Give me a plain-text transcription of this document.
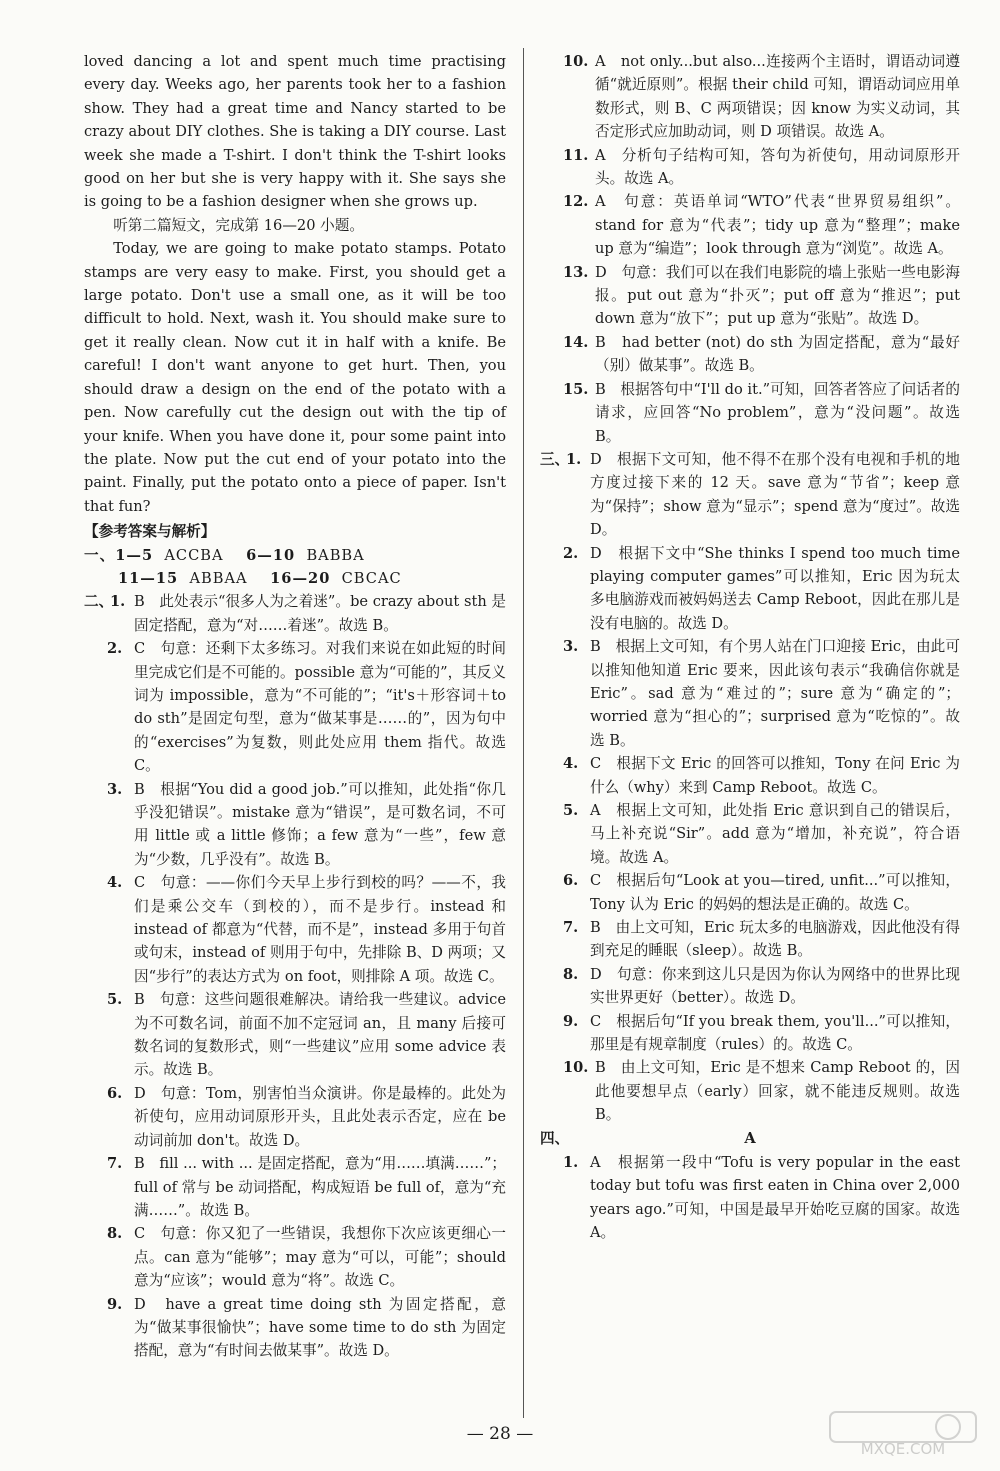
loved dancing a lot and spent much time practising every day. Weeks ago, her parents took her to a fashion show. They had a great time and Nancy started to be crazy about DIY clothes. She is taking a DIY course. Last week she made a T-shirt. I don't think the T-shirt looks good on her but she is very happy with it. She says she is going to be a fashion designer when she grows up.

听第二篇短文，完成第 16—20 小题。

Today, we are going to make potato stamps. Potato stamps are very easy to make. First, you should get a large potato. Don't use a small one, as it will be too difficult to hold. Next, wash it. You should make sure to get it really clean. Now cut it in half with a knife. Be careful! I don't want anyone to get hurt. Then, you should draw a design on the end of the potato with a pen. Now carefully cut the design out with the tip of your knife. When you have done it, pour some paint into the plate. Now put the cut end of your potato into the paint. Finally, put the potato onto a piece of paper. Isn't that fun?

【参考答案与解析】

一、1—5 ACCBA 6—10 BABBA
11—15 ABBAA 16—20 CBCAC
二、
1. B　此处表示“很多人为之着迷”。be crazy about sth 是固定搭配，意为“对……着迷”。故选 B。
2. C　句意：还剩下太多练习。对我们来说在如此短的时间里完成它们是不可能的。possible 意为“可能的”，其反义词为 impossible，意为“不可能的”；“it's＋形容词＋to do sth”是固定句型，意为“做某事是……的”，因为句中的“exercises”为复数，则此处应用 them 指代。故选 C。
3. B　根据“You did a good job.”可以推知，此处指“你几乎没犯错误”。mistake 意为“错误”，是可数名词，不可用 little 或 a little 修饰；a few 意为“一些”，few 意为“少数，几乎没有”。故选 B。
4. C　句意：——你们今天早上步行到校的吗？——不，我们是乘公交车（到校的），而不是步行。instead 和 instead of 都意为“代替，而不是”，instead 多用于句首或句末，instead of 则用于句中，先排除 B、D 两项；又因“步行”的表达方式为 on foot，则排除 A 项。故选 C。
5. B　句意：这些问题很难解决。请给我一些建议。advice 为不可数名词，前面不加不定冠词 an，且 many 后接可数名词的复数形式，则“一些建议”应用 some advice 表示。故选 B。
6. D　句意：Tom，别害怕当众演讲。你是最棒的。此处为祈使句，应用动词原形开头，且此处表示否定，应在 be 动词前加 don't。故选 D。
7. B　fill ... with ... 是固定搭配，意为“用……填满……”；full of 常与 be 动词搭配，构成短语 be full of，意为“充满……”。故选 B。
8. C　句意：你又犯了一些错误，我想你下次应该更细心一点。can 意为“能够”；may 意为“可以，可能”；should 意为“应该”；would 意为“将”。故选 C。
9. D　have a great time doing sth 为固定搭配，意为“做某事很愉快”；have some time to do sth 为固定搭配，意为“有时间去做某事”。故选 D。
10. A　not only...but also...连接两个主语时，谓语动词遵循“就近原则”。根据 their child 可知，谓语动词应用单数形式，则 B、C 两项错误；因 know 为实义动词，其否定形式应加助动词，则 D 项错误。故选 A。
11. A　分析句子结构可知，答句为祈使句，用动词原形开头。故选 A。
12. A　句意：英语单词“WTO”代表“世界贸易组织”。stand for 意为“代表”；tidy up 意为“整理”；make up 意为“编造”；look through 意为“浏览”。故选 A。
13. D　句意：我们可以在我们电影院的墙上张贴一些电影海报。put out 意为“扑灭”；put off 意为“推迟”；put down 意为“放下”；put up 意为“张贴”。故选 D。
14. B　had better (not) do sth 为固定搭配，意为“最好（别）做某事”。故选 B。
15. B　根据答句中“I'll do it.”可知，回答者答应了问话者的请求，应回答“No problem”，意为“没问题”。故选 B。
三、
1. D　根据下文可知，他不得不在那个没有电视和手机的地方度过接下来的 12 天。save 意为“节省”；keep 意为“保持”；show 意为“显示”；spend 意为“度过”。故选 D。
2. D　根据下文中“She thinks I spend too much time playing computer games”可以推知，Eric 因为玩太多电脑游戏而被妈妈送去 Camp Reboot，因此在那儿是没有电脑的。故选 D。
3. B　根据上文可知，有个男人站在门口迎接 Eric，由此可以推知他知道 Eric 要来，因此该句表示“我确信你就是 Eric”。sad 意为“难过的”；sure 意为“确定的”；worried 意为“担心的”；surprised 意为“吃惊的”。故选 B。
4. C　根据下文 Eric 的回答可以推知，Tony 在问 Eric 为什么（why）来到 Camp Reboot。故选 C。
5. A　根据上文可知，此处指 Eric 意识到自己的错误后，马上补充说“Sir”。add 意为“增加，补充说”，符合语境。故选 A。
6. C　根据后句“Look at you—tired, unfit...”可以推知，Tony 认为 Eric 的妈妈的想法是正确的。故选 C。
7. B　由上文可知，Eric 玩太多的电脑游戏，因此他没有得到充足的睡眠（sleep）。故选 B。
8. D　句意：你来到这儿只是因为你认为网络中的世界比现实世界更好（better）。故选 D。
9. C　根据后句“If you break them, you'll...”可以推知，那里是有规章制度（rules）的。故选 C。
10. B　由上文可知，Eric 是不想来 Camp Reboot 的，因此他要想早点（early）回家，就不能违反规则。故选 B。
四、	A
1. A　根据第一段中“Tofu is very popular in the east today but tofu was first eaten in China over 2,000 years ago.”可知，中国是最早开始吃豆腐的国家。故选 A。
— 28 —
MXQE.COM
